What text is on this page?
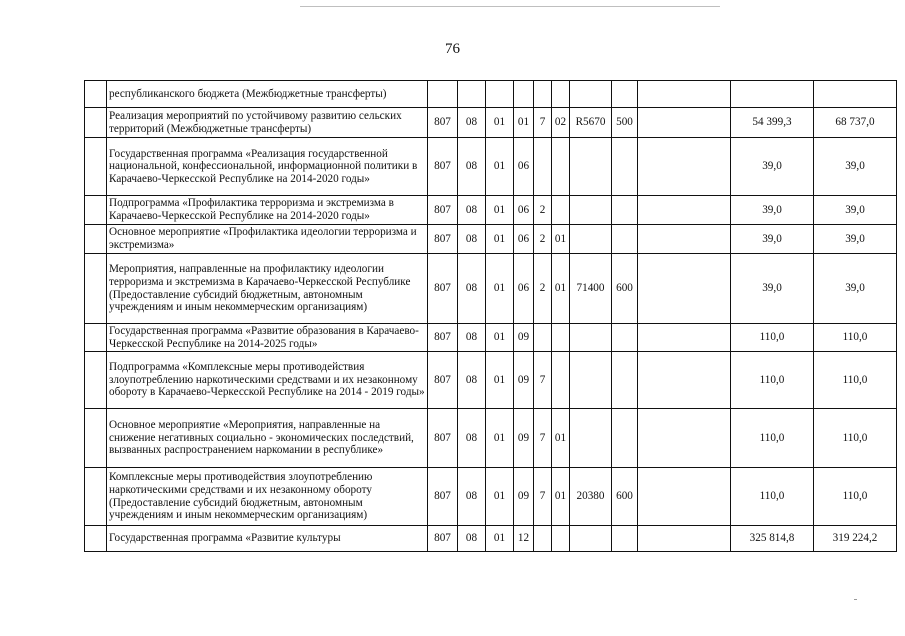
76
	республиканского бюджета (Межбюджетные трансферты)												
	Реализация мероприятий по устойчивому развитию сельских территорий (Межбюджетные трансферты)	807	08	01	01	7	02	R5670	500		54 399,3	68 737,0	
	Государственная программа «Реализация государственной национальной, конфессиональной, информационной политики в Карачаево-Черкесской Республике на 2014-2020 годы»	807	08	01	06						39,0	39,0	
	Подпрограмма «Профилактика терроризма и экстремизма в Карачаево-Черкесской Республике на 2014-2020 годы»	807	08	01	06	2					39,0	39,0	
	Основное мероприятие «Профилактика идеологии терроризма и экстремизма»	807	08	01	06	2	01				39,0	39,0	
	Мероприятия, направленные на профилактику идеологии терроризма и экстремизма в Карачаево-Черкесской Республике (Предоставление субсидий бюджетным, автономным учреждениям и иным некоммерческим организациям)	807	08	01	06	2	01	71400	600		39,0	39,0	
	Государственная программа «Развитие образования в Карачаево-Черкесской Республике на 2014-2025 годы»	807	08	01	09						110,0	110,0	
	Подпрограмма «Комплексные меры противодействия злоупотреблению наркотическими средствами и их незаконному обороту в Карачаево-Черкесской Республике на 2014 - 2019 годы»	807	08	01	09	7					110,0	110,0	
	Основное мероприятие «Мероприятия, направленные на снижение негативных социально - экономических последствий, вызванных распространением наркомании в республике»	807	08	01	09	7	01				110,0	110,0	
	Комплексные меры противодействия злоупотреблению наркотическими средствами и их незаконному обороту (Предоставление субсидий бюджетным, автономным учреждениям и иным некоммерческим организациям)	807	08	01	09	7	01	20380	600		110,0	110,0	
	Государственная программа «Развитие культуры	807	08	01	12						325 814,8	319 224,2	
